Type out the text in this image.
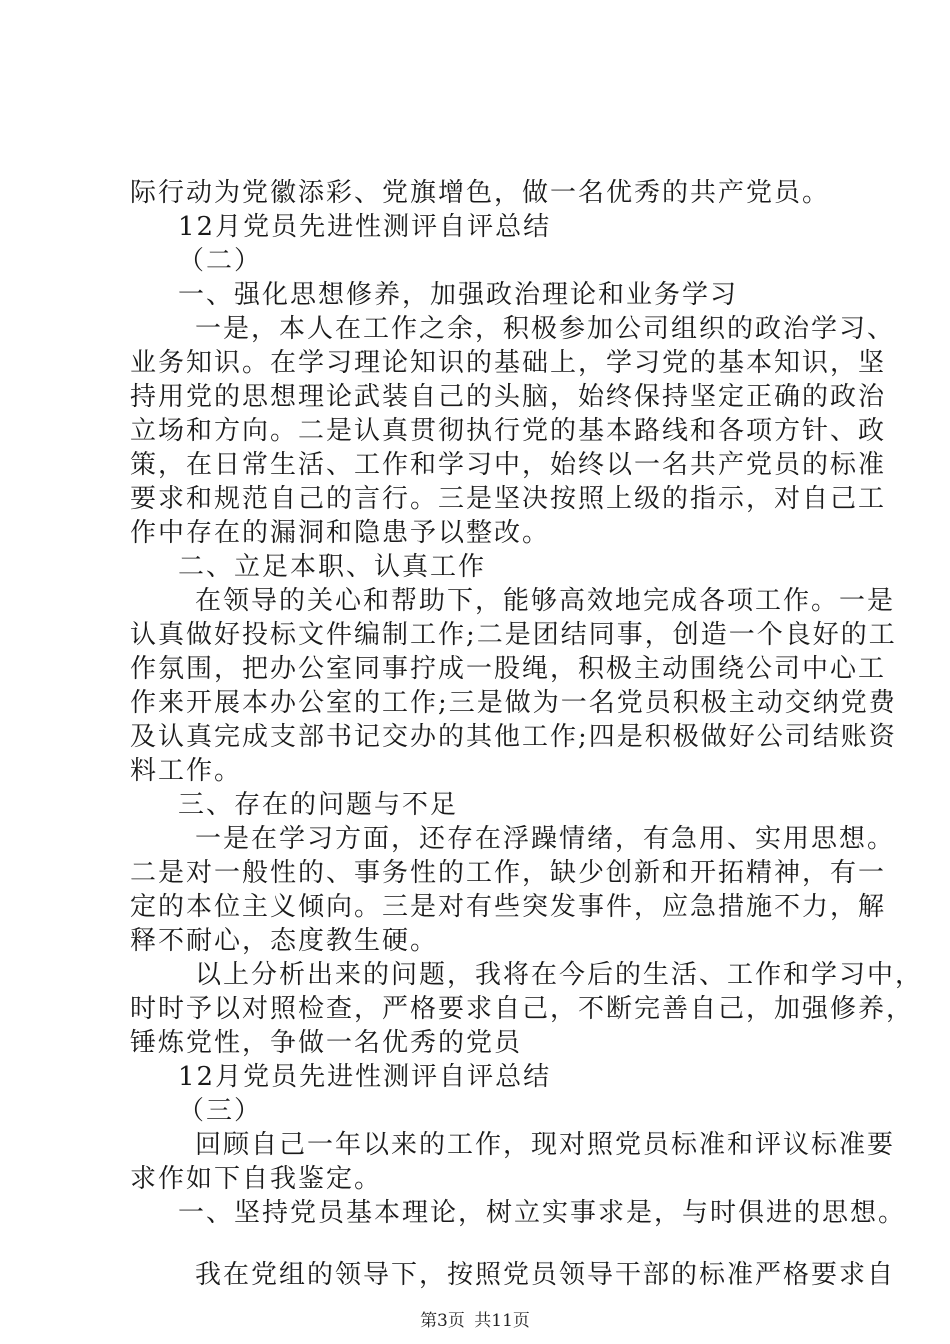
际行动为党徽添彩、党旗增色，做一名优秀的共产党员。
12月党员先进性测评自评总结
（二）
一、强化思想修养，加强政治理论和业务学习
一是，本人在工作之余，积极参加公司组织的政治学习、
业务知识。在学习理论知识的基础上，学习党的基本知识，坚
持用党的思想理论武装自己的头脑，始终保持坚定正确的政治
立场和方向。二是认真贯彻执行党的基本路线和各项方针、政
策，在日常生活、工作和学习中，始终以一名共产党员的标准
要求和规范自己的言行。三是坚决按照上级的指示，对自己工
作中存在的漏洞和隐患予以整改。
二、立足本职、认真工作
在领导的关心和帮助下，能够高效地完成各项工作。一是
认真做好投标文件编制工作;二是团结同事，创造一个良好的工
作氛围，把办公室同事拧成一股绳，积极主动围绕公司中心工
作来开展本办公室的工作;三是做为一名党员积极主动交纳党费
及认真完成支部书记交办的其他工作;四是积极做好公司结账资
料工作。
三、存在的问题与不足
一是在学习方面，还存在浮躁情绪，有急用、实用思想。
二是对一般性的、事务性的工作，缺少创新和开拓精神，有一
定的本位主义倾向。三是对有些突发事件，应急措施不力，解
释不耐心，态度教生硬。
以上分析出来的问题，我将在今后的生活、工作和学习中，
时时予以对照检查，严格要求自己，不断完善自己，加强修养，
锤炼党性，争做一名优秀的党员
12月党员先进性测评自评总结
（三）
回顾自己一年以来的工作，现对照党员标准和评议标准要
求作如下自我鉴定。
一、坚持党员基本理论，树立实事求是，与时俱进的思想。
我在党组的领导下，按照党员领导干部的标准严格要求自
第3页 共11页
